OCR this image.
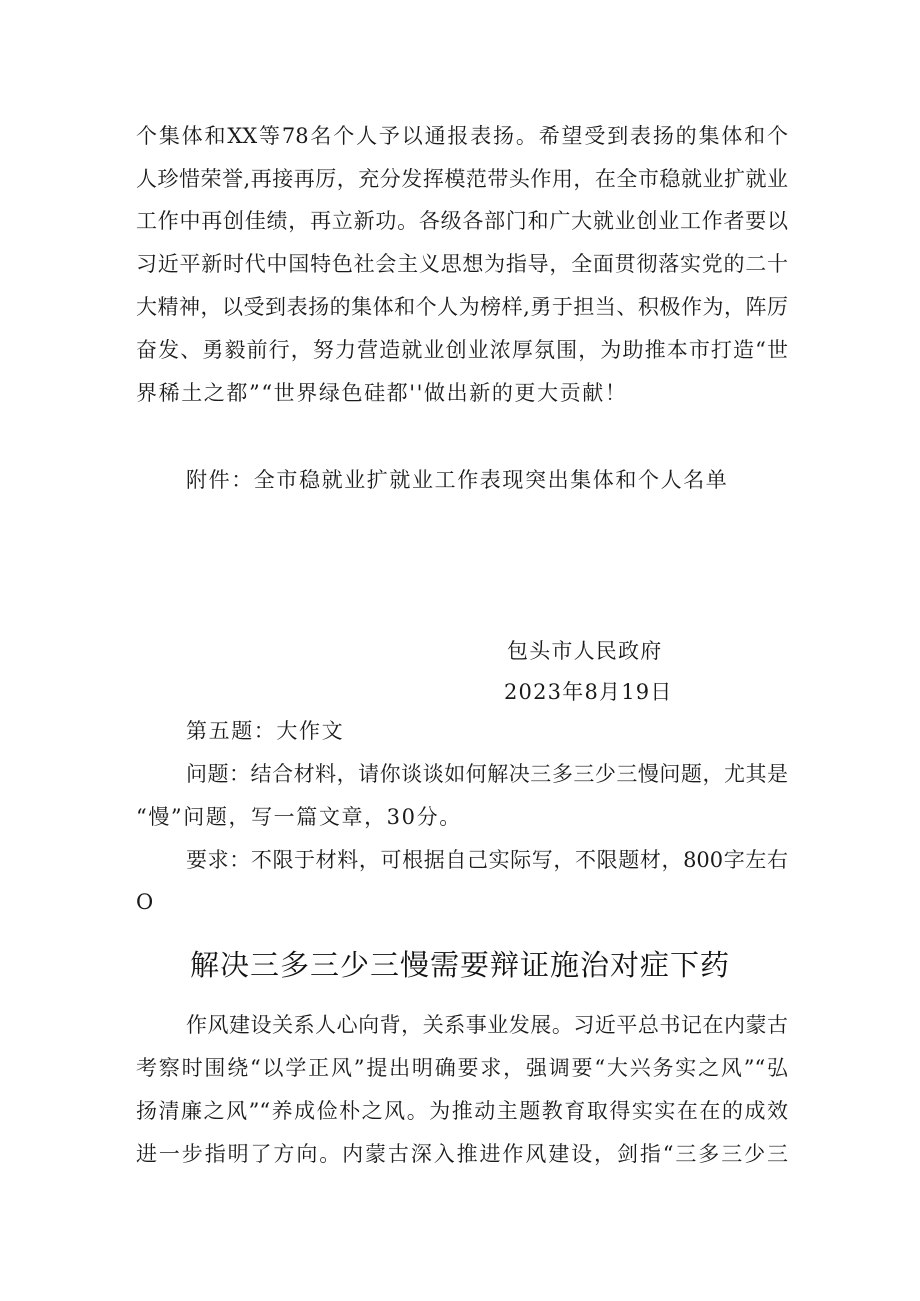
个集体和XX等78名个人予以通报表扬。希望受到表扬的集体和个
人珍惜荣誉,再接再厉，充分发挥模范带头作用，在全市稳就业扩就业
工作中再创佳绩，再立新功。各级各部门和广大就业创业工作者要以
习近平新时代中国特色社会主义思想为指导，全面贯彻落实党的二十
大精神，以受到表扬的集体和个人为榜样,勇于担当、积极作为，阵厉
奋发、勇毅前行，努力营造就业创业浓厚氛围，为助推本市打造“世
界稀土之都”“世界绿色硅都''做出新的更大贡献！
附件：全市稳就业扩就业工作表现突出集体和个人名单
包头市人民政府
2023年8月19日
第五题：大作文
问题：结合材料，请你谈谈如何解决三多三少三慢问题，尤其是
“慢”问题，写一篇文章，30分。
要求：不限于材料，可根据自己实际写，不限题材，800字左右
O
解决三多三少三慢需要辩证施治对症下药
作风建设关系人心向背，关系事业发展。习近平总书记在内蒙古
考察时围绕“以学正风”提出明确要求，强调要“大兴务实之风”“弘
扬清廉之风”“养成俭朴之风。为推动主题教育取得实实在在的成效
进一步指明了方向。内蒙古深入推进作风建设，剑指“三多三少三
